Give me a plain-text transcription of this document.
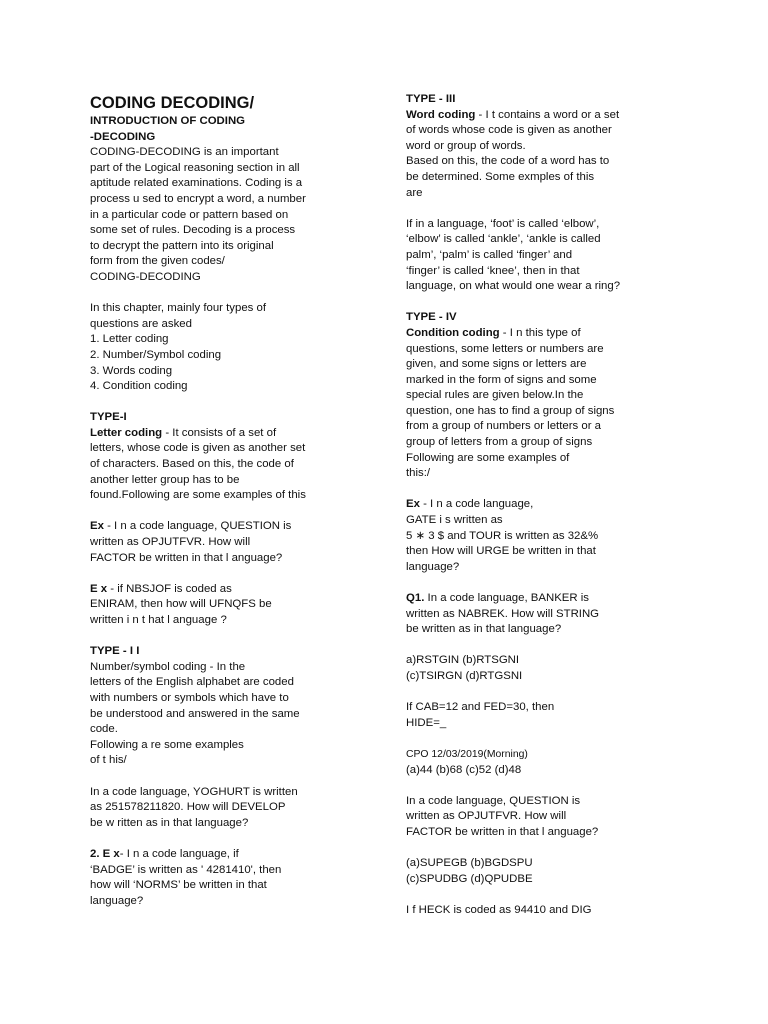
CODING DECODING/
INTRODUCTION OF CODING
-DECODING
CODING-DECODING is an important
part of the Logical reasoning section in all
aptitude related examinations. Coding is a
process u sed to encrypt a word, a number
in a particular code or pattern based on
some set of rules. Decoding is a process
to decrypt the pattern into its original
form from the given codes/
CODING-DECODING
In this chapter, mainly four types of
questions are asked
1. Letter coding
2. Number/Symbol coding
3. Words coding
4. Condition coding
TYPE-I
Letter coding - It consists of a set of
letters, whose code is given as another set
of characters. Based on this, the code of
another letter group has to be
found.Following are some examples of this
Ex - I n a code language, QUESTION is
written as OPJUTFVR. How will
FACTOR be written in that l anguage?
E x - if NBSJOF is coded as
ENIRAM, then how will UFNQFS be
written i n t hat l anguage ?
TYPE - I I
Number/symbol coding - In the
letters of the English alphabet are coded
with numbers or symbols which have to
be understood and answered in the same
code.
Following a re some examples
of t his/
In a code language, YOGHURT is written
as 251578211820. How will DEVELOP
be w ritten as in that language?
2. E x- I n a code language, if
‘BADGE’ is written as ' 4281410', then
how will ‘NORMS’ be written in that
language?
TYPE - III
Word coding - I t contains a word or a set
of words whose code is given as another
word or group of words.
Based on this, the code of a word has to
be determined. Some exmples of this
are
If in a language, ‘foot’ is called ‘elbow’,
‘elbow’ is called ‘ankle’, ‘ankle is called
palm’, ‘palm’ is called ‘finger’ and
‘finger’ is called ‘knee’, then in that
language, on what would one wear a ring?
TYPE - IV
Condition coding - I n this type of
questions, some letters or numbers are
given, and some signs or letters are
marked in the form of signs and some
special rules are given below.In the
question, one has to find a group of signs
from a group of numbers or letters or a
group of letters from a group of signs
Following are some examples of
this:/
Ex - I n a code language,
GATE i s written as
5 ∗ 3 $ and TOUR is written as 32&%
then How will URGE be written in that
language?
Q1. In a code language, BANKER is
written as NABREK. How will STRING
be written as in that language?
a)RSTGIN (b)RTSGNI
(c)TSIRGN (d)RTGSNI
If CAB=12 and FED=30, then
HIDE=_
CPO 12/03/2019(Morning)
(a)44 (b)68 (c)52 (d)48
In a code language, QUESTION is
written as OPJUTFVR. How will
FACTOR be written in that l anguage?
(a)SUPEGB (b)BGDSPU
(c)SPUDBG (d)QPUDBE
I f HECK is coded as 94410 and DIG
